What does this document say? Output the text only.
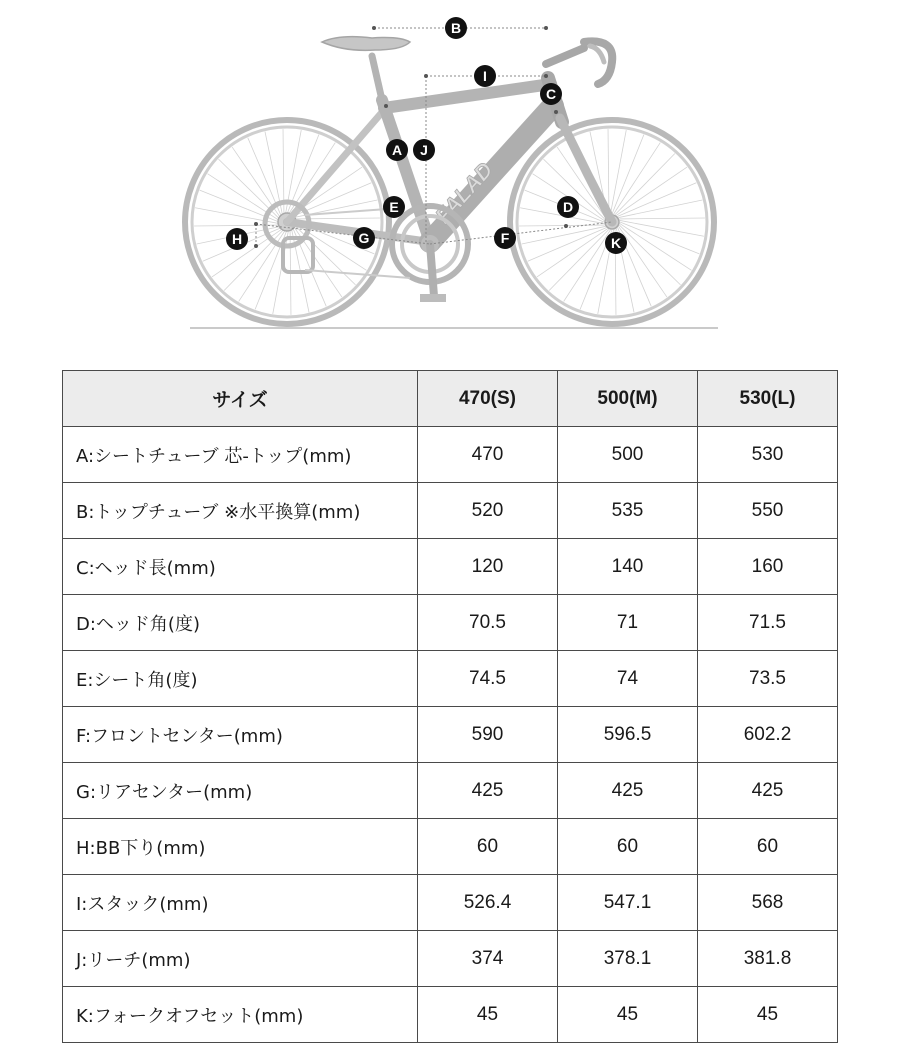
FALAD
B
I
C
A J
D
E
H	G	F	K
サイズ	470(S)	500(M)	530(L)
A:シートチューブ 芯-トップ(mm)	470	500	530
B:トップチューブ ※水平換算(mm)	520	535	550
C:ヘッド長(mm)	120	140	160
D:ヘッド角(度)	70.5	71	71.5
E:シート角(度)	74.5	74	73.5
F:フロントセンター(mm)	590	596.5	602.2
G:リアセンター(mm)	425	425	425
H:BB下り(mm)	60	60	60
I:スタック(mm)	526.4	547.1	568
J:リーチ(mm)	374	378.1	381.8
K:フォークオフセット(mm)	45	45	45
